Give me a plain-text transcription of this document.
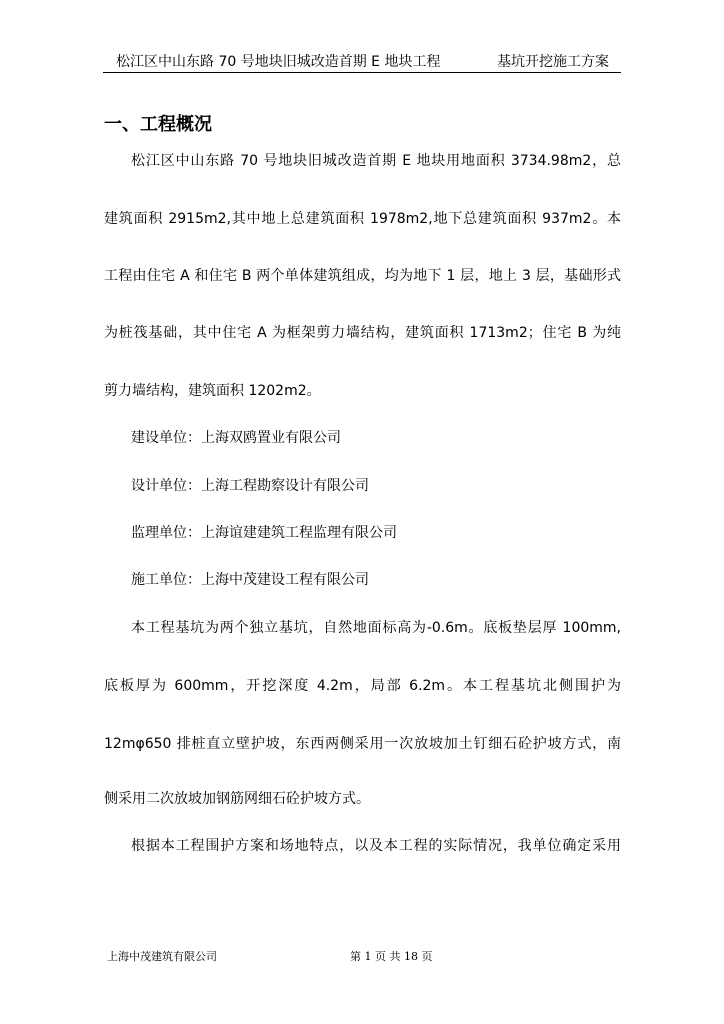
松江区中山东路 70 号地块旧城改造首期 E 地块工程	基坑开挖施工方案
一、工程概况
松江区中山东路 70 号地块旧城改造首期 E 地块用地面积 3734.98m2，总
建筑面积 2915m2,其中地上总建筑面积 1978m2,地下总建筑面积 937m2。本
工程由住宅 A 和住宅 B 两个单体建筑组成，均为地下 1 层，地上 3 层，基础形式
为桩筏基础，其中住宅 A 为框架剪力墙结构，建筑面积 1713m2；住宅 B 为纯
剪力墙结构，建筑面积 1202m2。
建设单位：上海双鸥置业有限公司
设计单位：上海工程勘察设计有限公司
监理单位：上海谊建建筑工程监理有限公司
施工单位：上海中茂建设工程有限公司
本工程基坑为两个独立基坑，自然地面标高为-0.6m。底板垫层厚 100mm,
底板厚为 600mm，开挖深度 4.2m，局部 6.2m。本工程基坑北侧围护为
12mφ650 排桩直立壁护坡，东西两侧采用一次放坡加土钉细石砼护坡方式，南
侧采用二次放坡加钢筋网细石砼护坡方式。
根据本工程围护方案和场地特点，以及本工程的实际情况，我单位确定采用
上海中茂建筑有限公司	第 1 页 共 18 页
